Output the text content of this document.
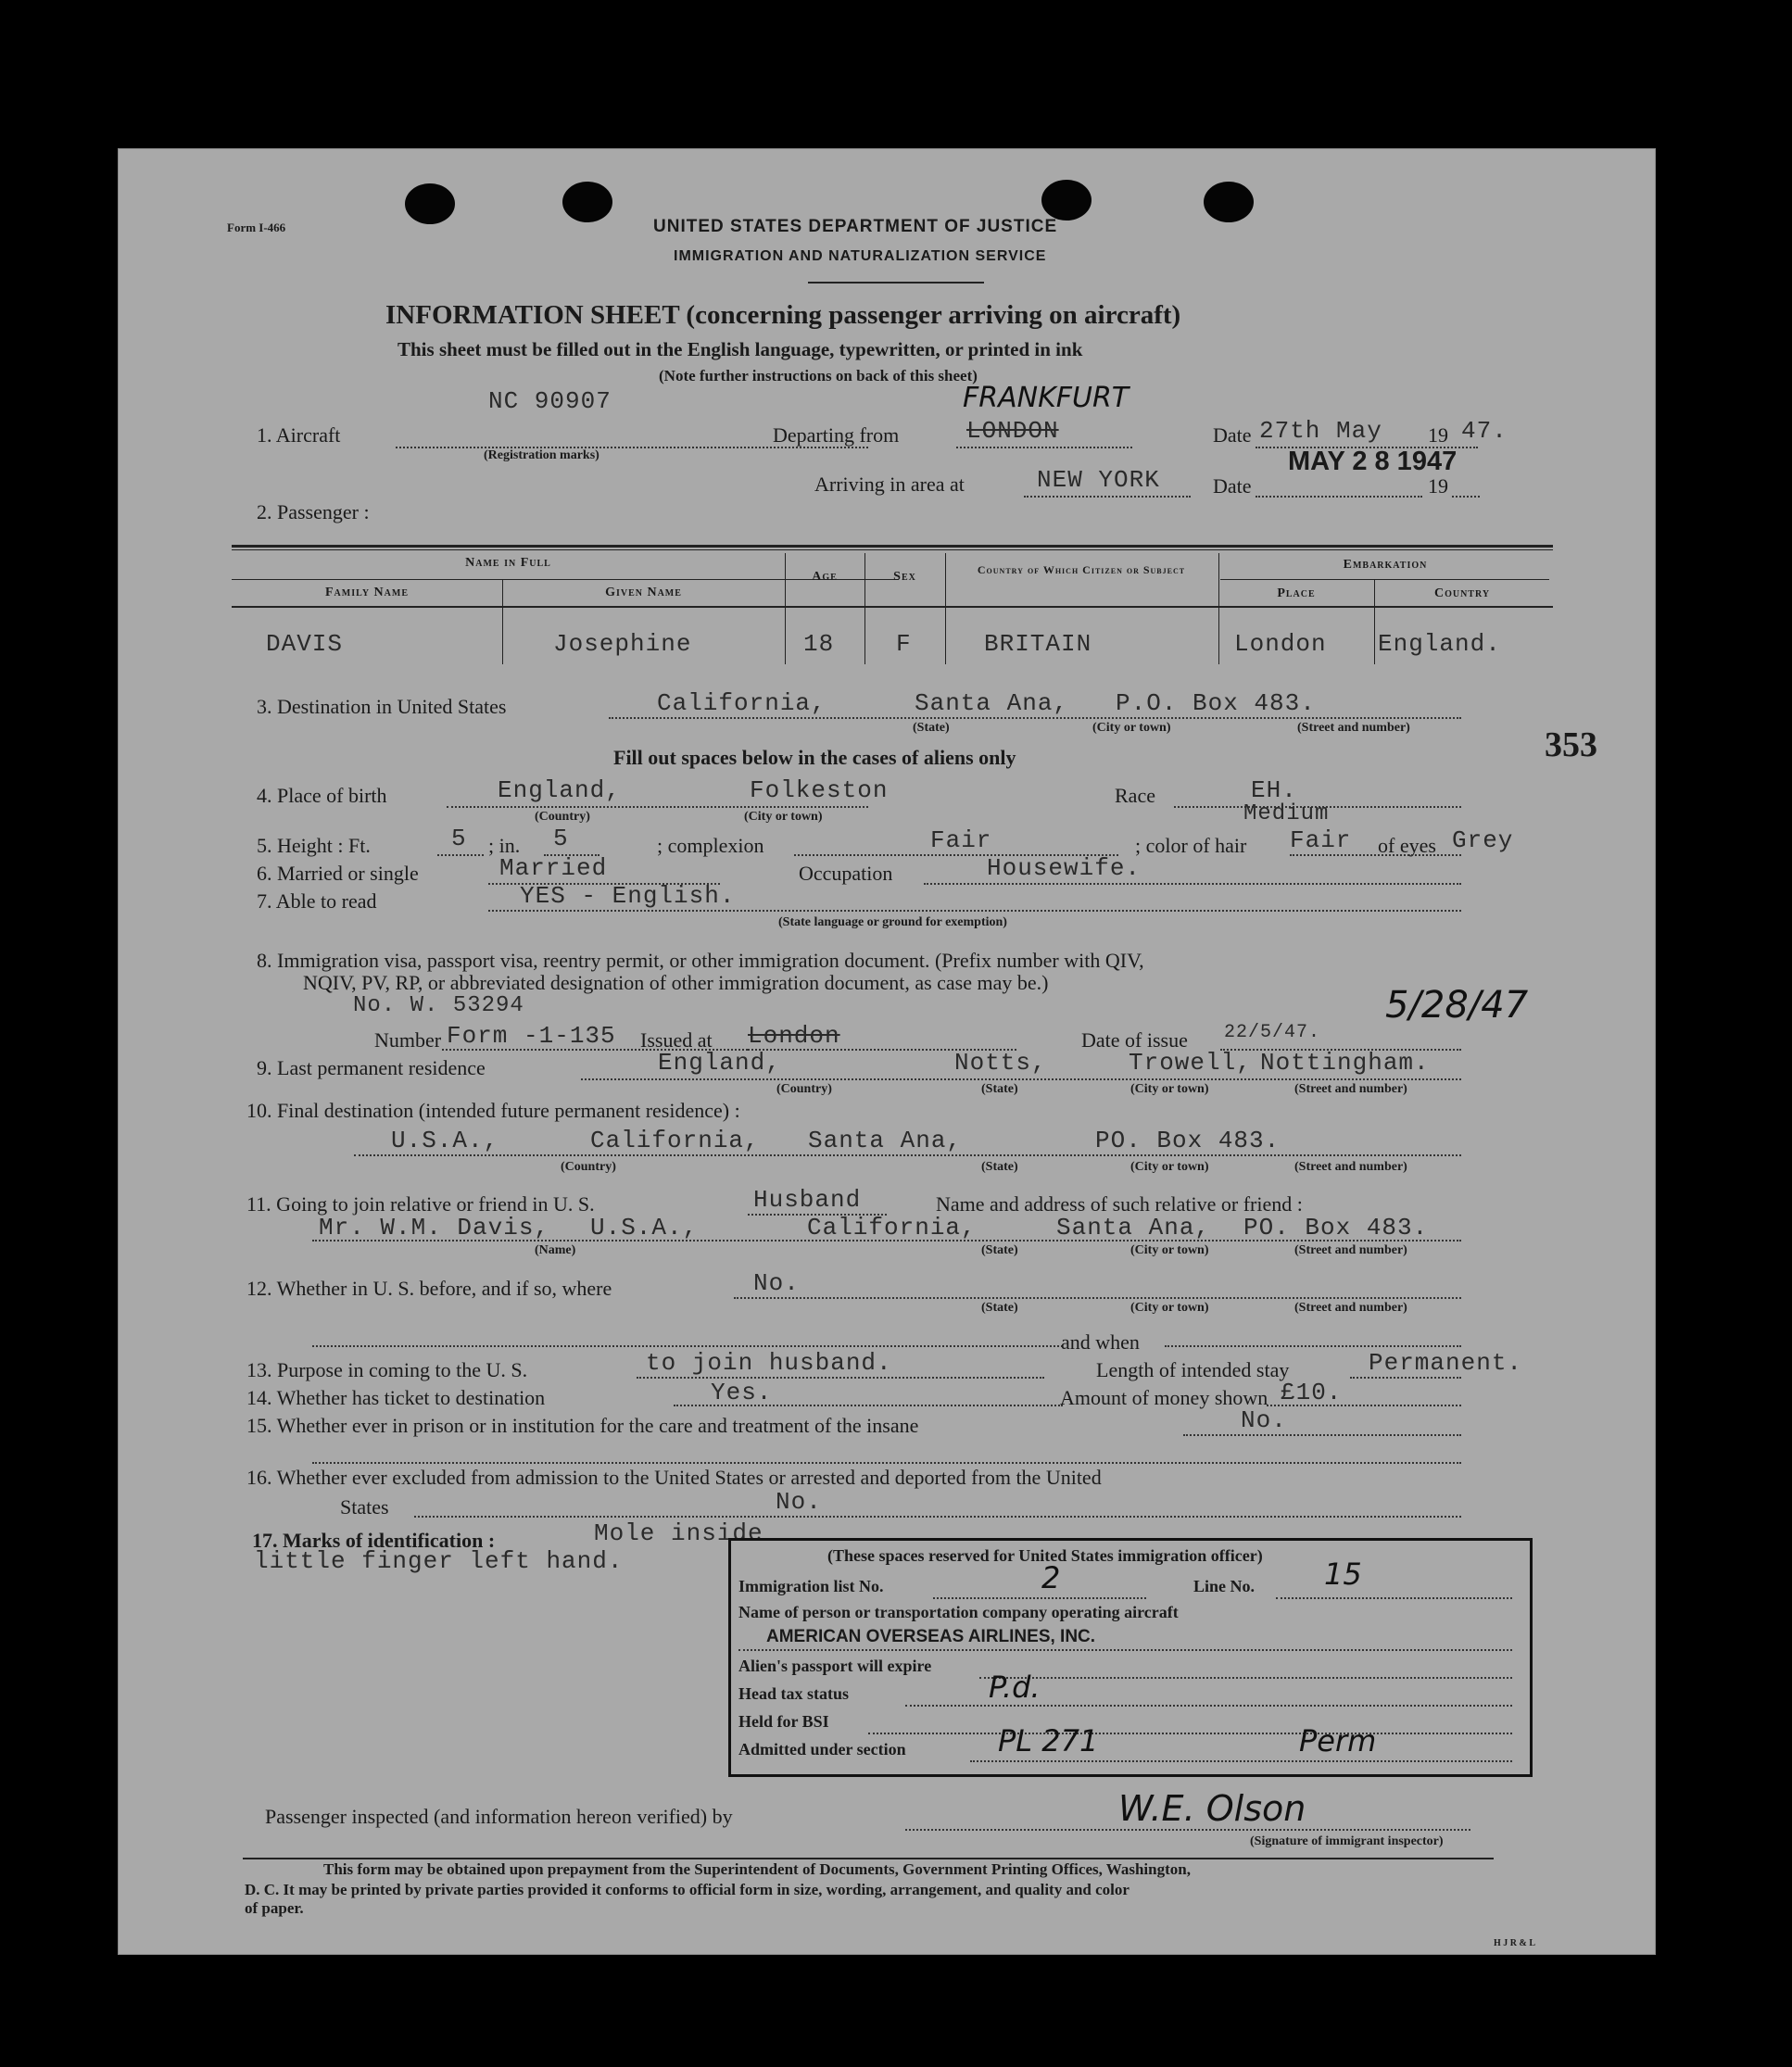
Form I-466	UNITED STATES DEPARTMENT OF JUSTICE
IMMIGRATION AND NATURALIZATION SERVICE
INFORMATION SHEET (concerning passenger arriving on aircraft)
This sheet must be filled out in the English language, typewritten, or printed in ink
(Note further instructions on back of this sheet)
NC 90907
1. Aircraft
(Registration marks)
Departing from	LONDON
FRANKFURT
Date 27th May 19 47.
MAY 2 8 1947
Arriving in area at	NEW YORK	Date	19
2. Passenger :
Name in Full
Family Name	Given Name
Age	Sex	Country of Which Citizen or Subject	Embarkation
Place	Country
DAVIS	Josephine	18	F	BRITAIN	London England.
3. Destination in United States	California,	Santa Ana, P.O. Box 483.
(State)	(City or town)	(Street and number)	353
Fill out spaces below in the cases of aliens only
4. Place of birth	England,	Folkeston
(Country)	(City or town)
Race	EH.
Medium
5. Height : Ft.	5 ; in. 5	; complexion	Fair	; color of hair Fair of eyes Grey
6. Married or single	Married	Occupation	Housewife.
7. Able to read	YES - English.
(State language or ground for exemption)
8. Immigration visa, passport visa, reentry permit, or other immigration document. (Prefix number with QIV,
NQIV, PV, RP, or abbreviated designation of other immigration document, as case may be.)
No. W. 53294	5/28/47
Number Form -1-135 Issued at London	Date of issue 22/5/47.
9. Last permanent residence	England,	Notts,	Trowell, Nottingham.
(Country)	(State)	(City or town)	(Street and number)
10. Final destination (intended future permanent residence) :
U.S.A.,	California, Santa Ana,	PO. Box 483.
(Country)	(State)	(City or town)	(Street and number)
11. Going to join relative or friend in U. S.	Husband	Name and address of such relative or friend :
Mr. W.M. Davis, U.S.A.,	California,	Santa Ana, PO. Box 483.
(Name)	(State)	(City or town)	(Street and number)
12. Whether in U. S. before, and if so, where	No.
(State)	(City or town)	(Street and number)
and when
13. Purpose in coming to the U. S.	to join husband.	Length of intended stay	Permanent.
14. Whether has ticket to destination	Yes.	Amount of money shown £10.
15. Whether ever in prison or in institution for the care and treatment of the insane	No.
16. Whether ever excluded from admission to the United States or arrested and deported from the United
States	No.
17. Marks of identification :	Mole inside
little finger left hand.	(These spaces reserved for United States immigration officer)
Immigration list No.	2	Line No. 15
Name of person or transportation company operating aircraft
AMERICAN OVERSEAS AIRLINES, INC.
Alien's passport will expire
Head tax status	P.d.
Held for BSI
Admitted under section	PL 271	Perm
Passenger inspected (and information hereon verified) by	W.E. Olson
(Signature of immigrant inspector)
This form may be obtained upon prepayment from the Superintendent of Documents, Government Printing Offices, Washington,
D. C. It may be printed by private parties provided it conforms to official form in size, wording, arrangement, and quality and color
of paper.
H J R & L
